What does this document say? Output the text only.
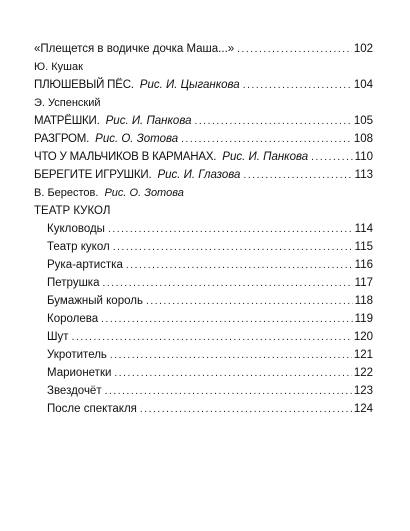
«Плещется в водичке дочка Маша...» .....	102
Ю. Кушак
ПЛЮШЕВЫЙ ПЁС. Рис. И. Цыганкова .....	104
Э. Успенский
МАТРЁШКИ. Рис. И. Панкова .....	105
РАЗГРОМ. Рис. О. Зотова .....	108
ЧТО У МАЛЬЧИКОВ В КАРМАНАХ. Рис. И. Панкова .....	110
БЕРЕГИТЕ ИГРУШКИ. Рис. И. Глазова .....	113
В. Берестов. Рис. О. Зотова
ТЕАТР КУКОЛ
Кукловоды .....	114
Театр кукол .....	115
Рука-артистка .....	116
Петрушка .....	117
Бумажный король .....	118
Королева .....	119
Шут .....	120
Укротитель .....	121
Марионетки .....	122
Звездочёт .....	123
После спектакля .....	124
